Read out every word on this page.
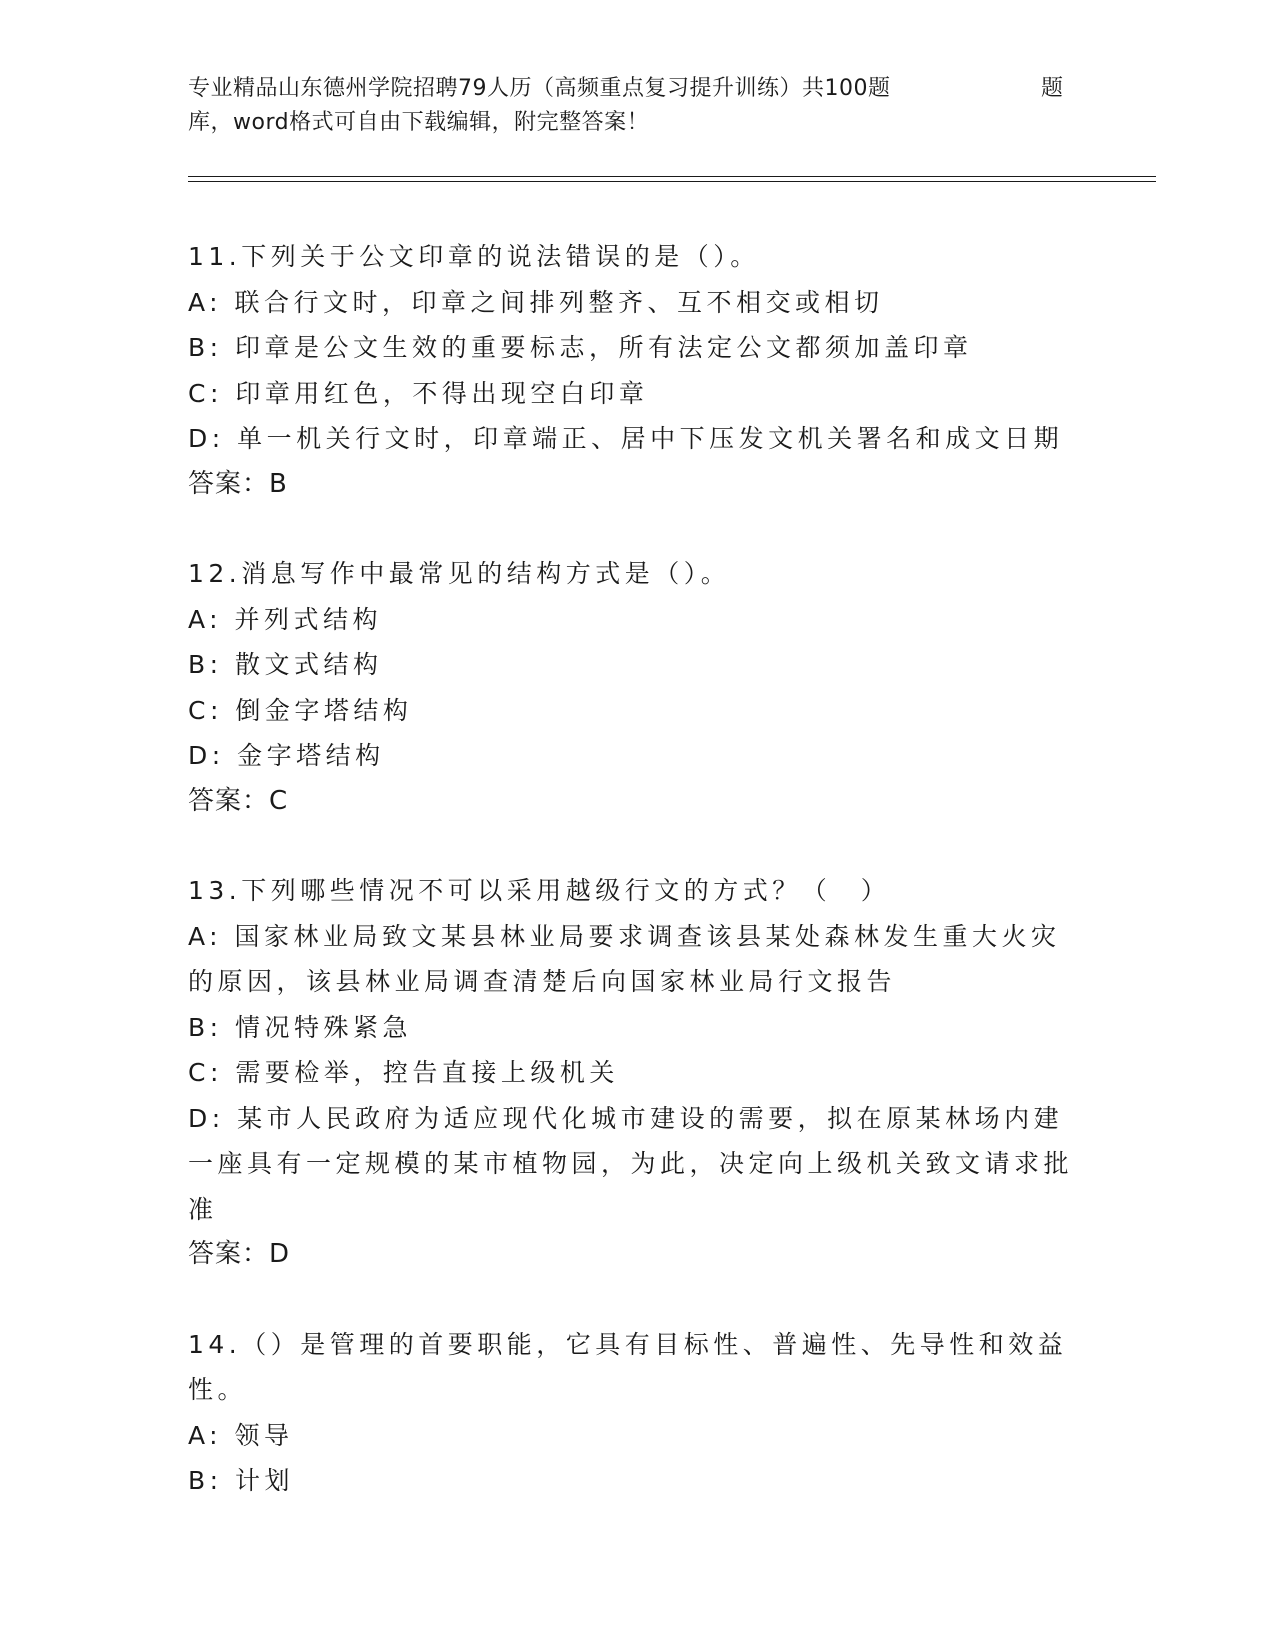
专业精品山东德州学院招聘79人历（高频重点复习提升训练）共100题	题
库，word格式可自由下载编辑，附完整答案！
11.下列关于公文印章的说法错误的是（）。
A: 联合行文时，印章之间排列整齐、互不相交或相切
B: 印章是公文生效的重要标志，所有法定公文都须加盖印章
C: 印章用红色，不得出现空白印章
D: 单一机关行文时，印章端正、居中下压发文机关署名和成文日期
答案：B
12.消息写作中最常见的结构方式是（）。
A: 并列式结构
B: 散文式结构
C: 倒金字塔结构
D: 金字塔结构
答案：C
13.下列哪些情况不可以采用越级行文的方式？（　）
A: 国家林业局致文某县林业局要求调查该县某处森林发生重大火灾的原因，该县林业局调查清楚后向国家林业局行文报告
B: 情况特殊紧急
C: 需要检举，控告直接上级机关
D: 某市人民政府为适应现代化城市建设的需要，拟在原某林场内建一座具有一定规模的某市植物园，为此，决定向上级机关致文请求批准
答案：D
14.（）是管理的首要职能，它具有目标性、普遍性、先导性和效益性。
A: 领导
B: 计划
